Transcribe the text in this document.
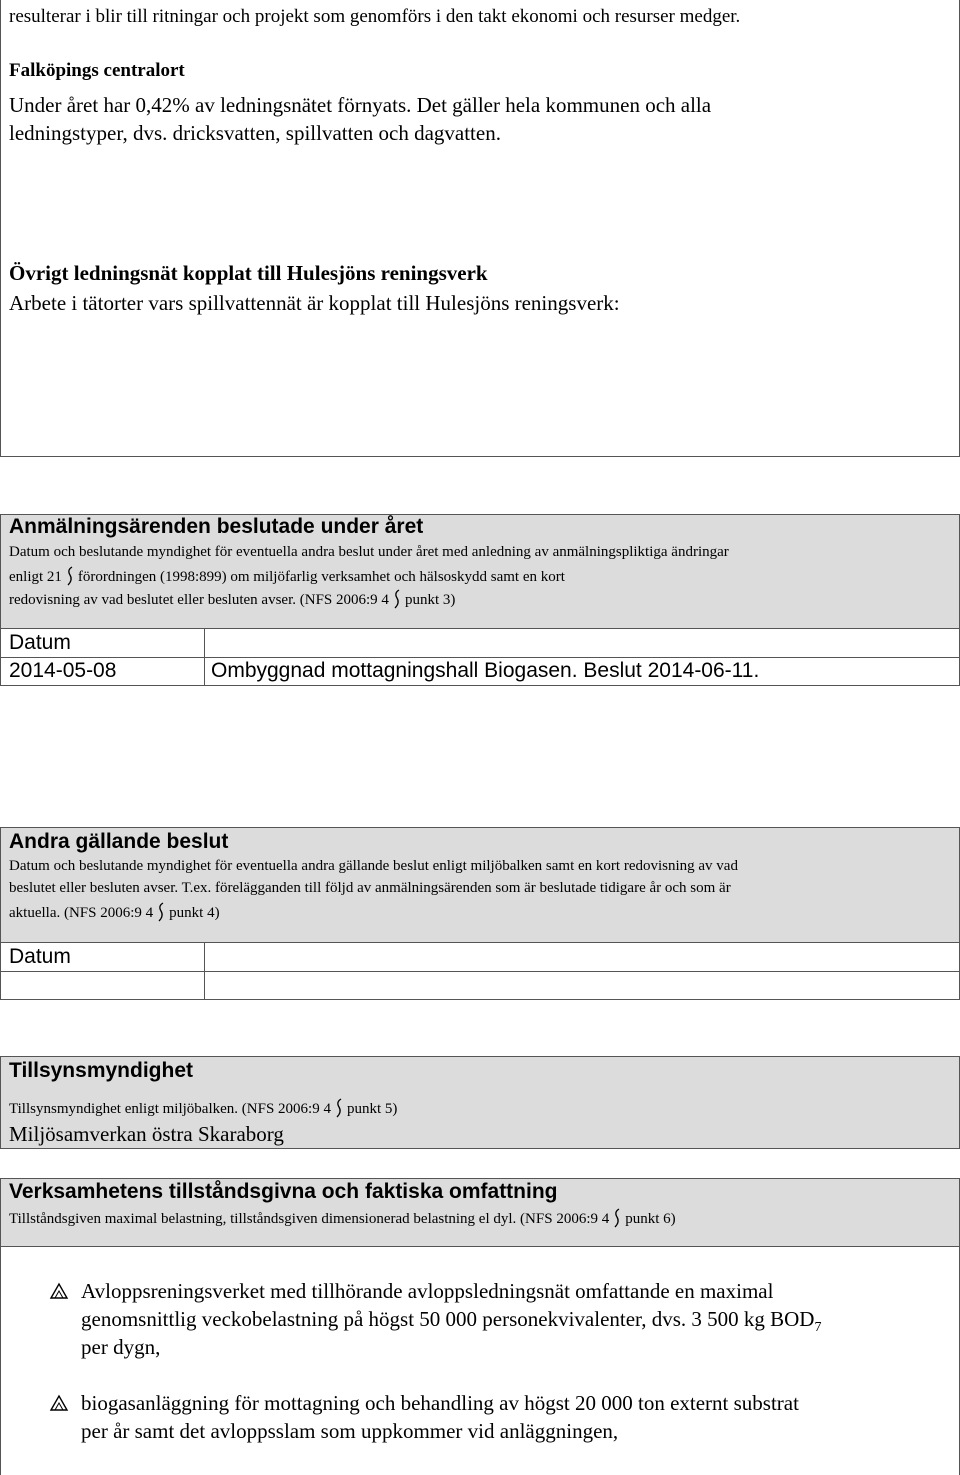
resulterar i blir till ritningar och projekt som genomförs i den takt ekonomi och resurser medger.
Falköpings centralort
Under året har 0,42% av ledningsnätet förnyats. Det gäller hela kommunen och alla
ledningstyper, dvs. dricksvatten, spillvatten och dagvatten.
Övrigt ledningsnät kopplat till Hulesjöns reningsverk
Arbete i tätorter vars spillvattennät är kopplat till Hulesjöns reningsverk:
Anmälningsärenden beslutade under året
Datum och beslutande myndighet för eventuella andra beslut under året med anledning av anmälningspliktiga ändringar
enligt 21 förordningen (1998:899) om miljöfarlig verksamhet och hälsoskydd samt en kort
redovisning av vad beslutet eller besluten avser. (NFS 2006:9 4 punkt 3)
Datum
2014-05-08	Ombyggnad mottagningshall Biogasen. Beslut 2014-06-11.
Andra gällande beslut
Datum och beslutande myndighet för eventuella andra gällande beslut enligt miljöbalken samt en kort redovisning av vad
beslutet eller besluten avser. T.ex. förelägganden till följd av anmälningsärenden som är beslutade tidigare år och som är
aktuella. (NFS 2006:9 4 punkt 4)
Datum
Tillsynsmyndighet
Tillsynsmyndighet enligt miljöbalken. (NFS 2006:9 4 punkt 5)
Miljösamverkan östra Skaraborg
Verksamhetens tillståndsgivna och faktiska omfattning
Tillståndsgiven maximal belastning, tillståndsgiven dimensionerad belastning el dyl. (NFS 2006:9 4 punkt 6)
Avloppsreningsverket med tillhörande avloppsledningsnät omfattande en maximal
genomsnittlig veckobelastning på högst 50 000 personekvivalenter, dvs. 3 500 kg $BOD_7$
per dygn,
biogasanläggning för mottagning och behandling av högst 20 000 ton externt substrat
per år samt det avloppsslam som uppkommer vid anläggningen,
